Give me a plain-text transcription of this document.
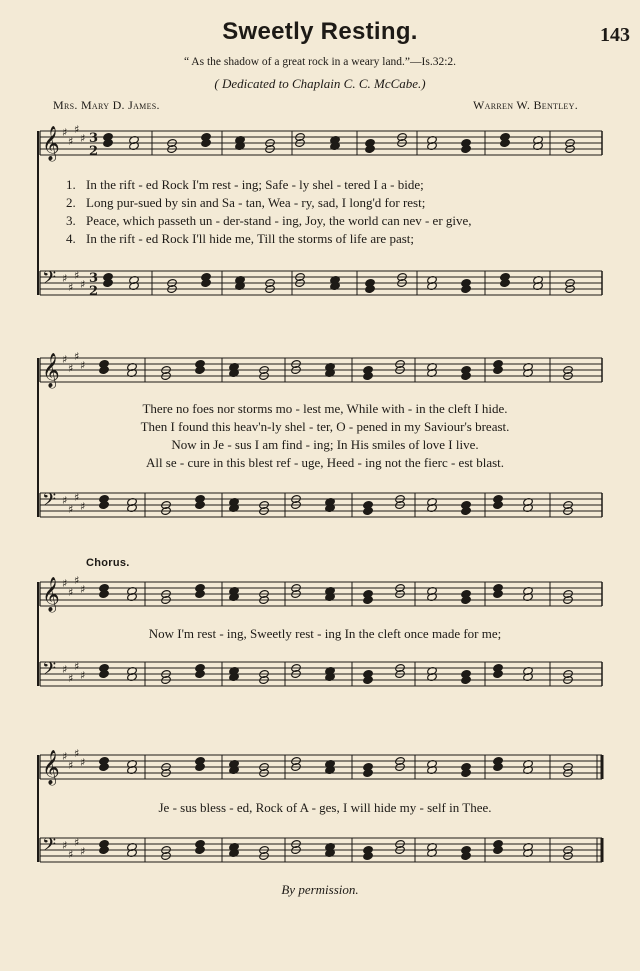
Sweetly Resting.	143
“ As the shadow of a great rock in a weary land.”—Is.32:2.
( Dedicated to Chaplain C. C. McCabe.)
Mrs. Mary D. James.	Warren W. Bentley.
𝄞 ♯
♯
♯
♯ 3
2
𝄢 ♯
♯
♯
♯ 3
2
𝄞 ♯
♯
♯
♯
𝄢 ♯
♯
♯
♯
𝄞 ♯
♯
♯
♯
𝄢 ♯
♯
♯
♯
𝄞 ♯
♯
♯
♯
𝄢 ♯
♯
♯
♯
1. In the rift - ed Rock I'm rest - ing; Safe - ly shel - tered I a - bide;
2. Long pur-sued by sin and Sa - tan, Wea - ry, sad, I long'd for rest;
3. Peace, which passeth un - der-stand - ing, Joy, the world can nev - er give,
4. In the rift - ed Rock I'll hide me, Till the storms of life are past;
There no foes nor storms mo - lest me, While with - in the cleft I hide.
Then I found this heav'n-ly shel - ter, O - pened in my Saviour's breast.
Now in Je - sus I am find - ing; In His smiles of love I live.
All se - cure in this blest ref - uge, Heed - ing not the fierc - est blast.
Chorus.
Now I'm rest - ing, Sweetly rest - ing In the cleft once made for me;
Je - sus bless - ed, Rock of A - ges, I will hide my - self in Thee.
By permission.
